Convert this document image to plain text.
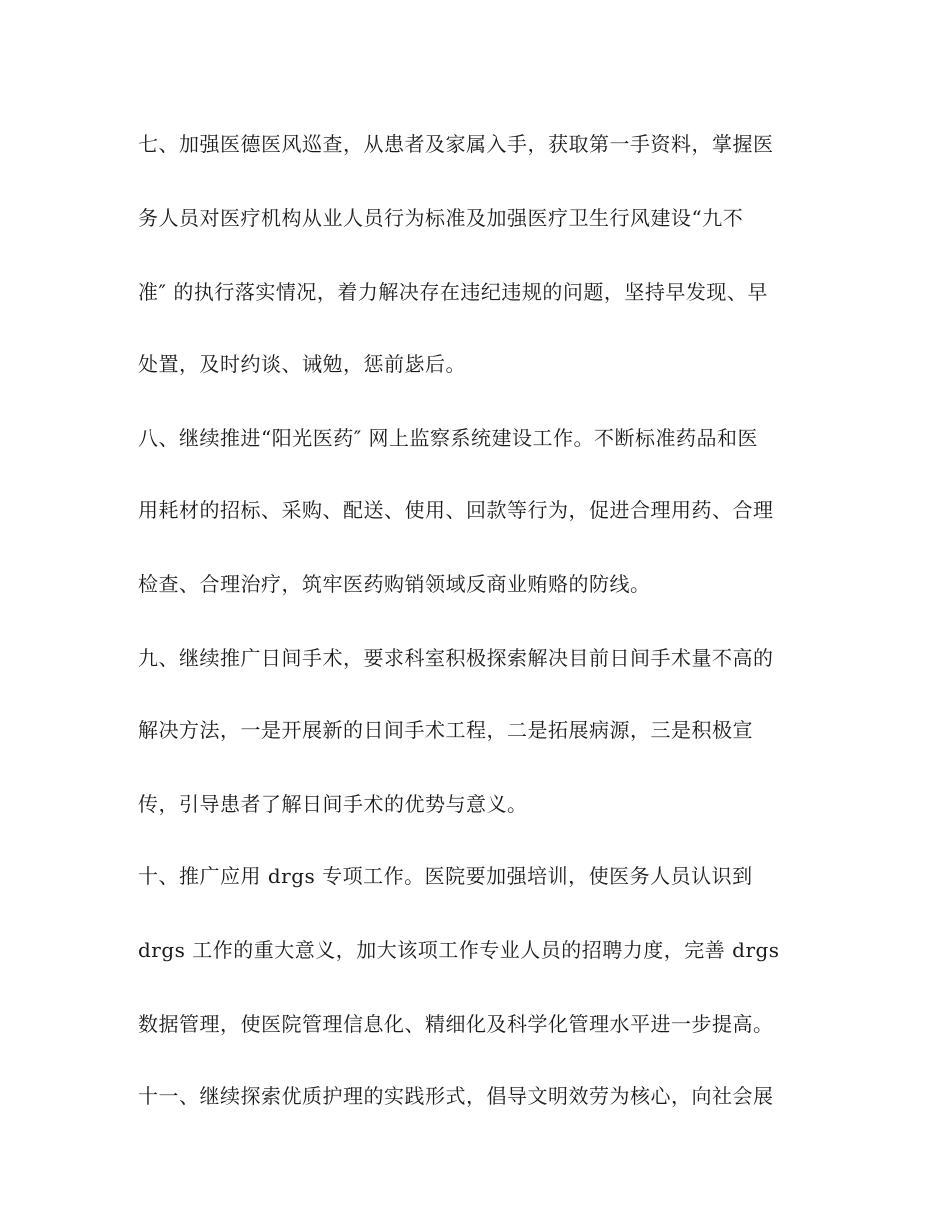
七、加强医德医风巡查，从患者及家属入手，获取第一手资料，掌握医

务人员对医疗机构从业人员行为标准及加强医疗卫生行风建设“九不

准″ 的执行落实情况，着力解决存在违纪违规的问题，坚持早发现、早

处置，及时约谈、诫勉，惩前毖后。

八、继续推进“阳光医药″ 网上监察系统建设工作。不断标准药品和医

用耗材的招标、采购、配送、使用、回款等行为，促进合理用药、合理

检查、合理治疗，筑牢医药购销领域反商业贿赂的防线。

九、继续推广日间手术，要求科室积极探索解决目前日间手术量不高的

解决方法，一是开展新的日间手术工程，二是拓展病源，三是积极宣

传，引导患者了解日间手术的优势与意义。

十、推广应用 drgs 专项工作。医院要加强培训，使医务人员认识到

drgs 工作的重大意义，加大该项工作专业人员的招聘力度，完善 drgs

数据管理，使医院管理信息化、精细化及科学化管理水平进一步提高。

十一、继续探索优质护理的实践形式，倡导文明效劳为核心，向社会展
